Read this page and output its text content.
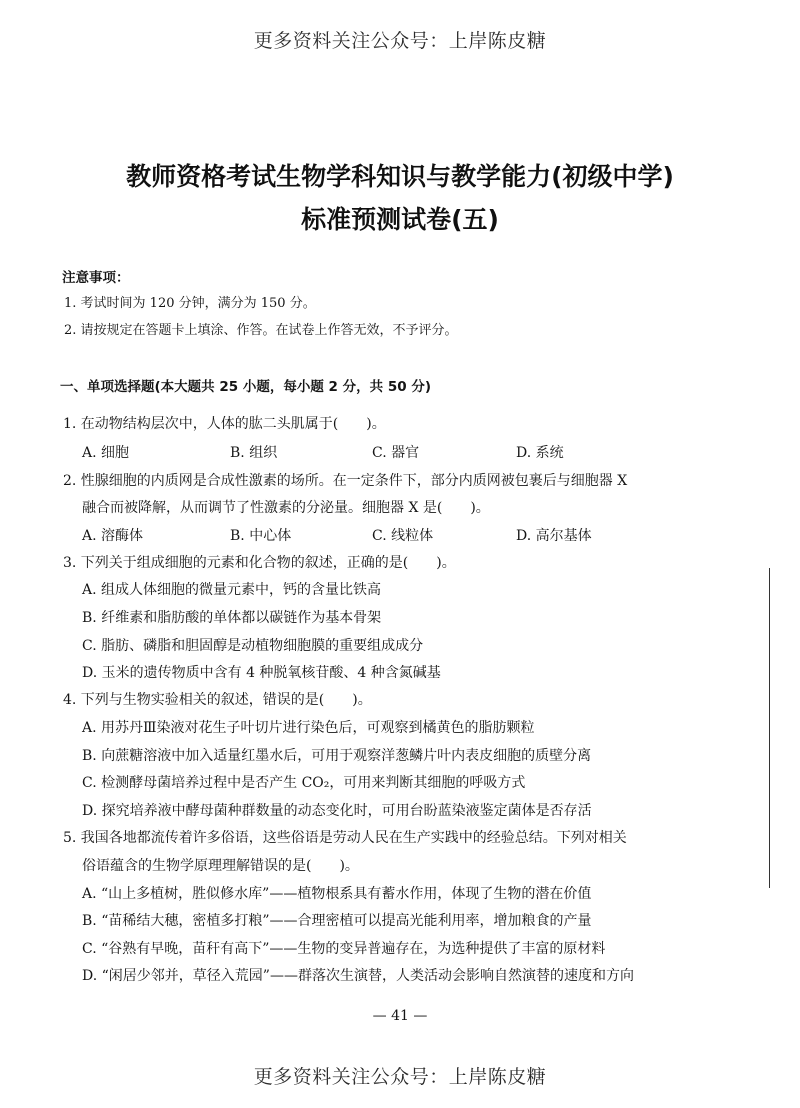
更多资料关注公众号：上岸陈皮糖
教师资格考试生物学科知识与教学能力(初级中学)
标准预测试卷(五)
注意事项：
1. 考试时间为 120 分钟，满分为 150 分。
2. 请按规定在答题卡上填涂、作答。在试卷上作答无效，不予评分。
一、单项选择题(本大题共 25 小题，每小题 2 分，共 50 分)
1. 在动物结构层次中，人体的肱二头肌属于(　　)。
A. 细胞	B. 组织	C. 器官	D. 系统
2. 性腺细胞的内质网是合成性激素的场所。在一定条件下，部分内质网被包裹后与细胞器 X
融合而被降解，从而调节了性激素的分泌量。细胞器 X 是(　　)。
A. 溶酶体	B. 中心体	C. 线粒体	D. 高尔基体
3. 下列关于组成细胞的元素和化合物的叙述，正确的是(　　)。
A. 组成人体细胞的微量元素中，钙的含量比铁高
B. 纤维素和脂肪酸的单体都以碳链作为基本骨架
C. 脂肪、磷脂和胆固醇是动植物细胞膜的重要组成成分
D. 玉米的遗传物质中含有 4 种脱氧核苷酸、4 种含氮碱基
4. 下列与生物实验相关的叙述，错误的是(　　)。
A. 用苏丹Ⅲ染液对花生子叶切片进行染色后，可观察到橘黄色的脂肪颗粒
B. 向蔗糖溶液中加入适量红墨水后，可用于观察洋葱鳞片叶内表皮细胞的质壁分离
C. 检测酵母菌培养过程中是否产生 CO₂，可用来判断其细胞的呼吸方式
D. 探究培养液中酵母菌种群数量的动态变化时，可用台盼蓝染液鉴定菌体是否存活
5. 我国各地都流传着许多俗语，这些俗语是劳动人民在生产实践中的经验总结。下列对相关
俗语蕴含的生物学原理理解错误的是(　　)。
A. “山上多植树，胜似修水库”——植物根系具有蓄水作用，体现了生物的潜在价值
B. “苗稀结大穗，密植多打粮”——合理密植可以提高光能利用率，增加粮食的产量
C. “谷熟有早晚，苗秆有高下”——生物的变异普遍存在，为选种提供了丰富的原材料
D. “闲居少邻并，草径入荒园”——群落次生演替，人类活动会影响自然演替的速度和方向
— 41 —
更多资料关注公众号：上岸陈皮糖
